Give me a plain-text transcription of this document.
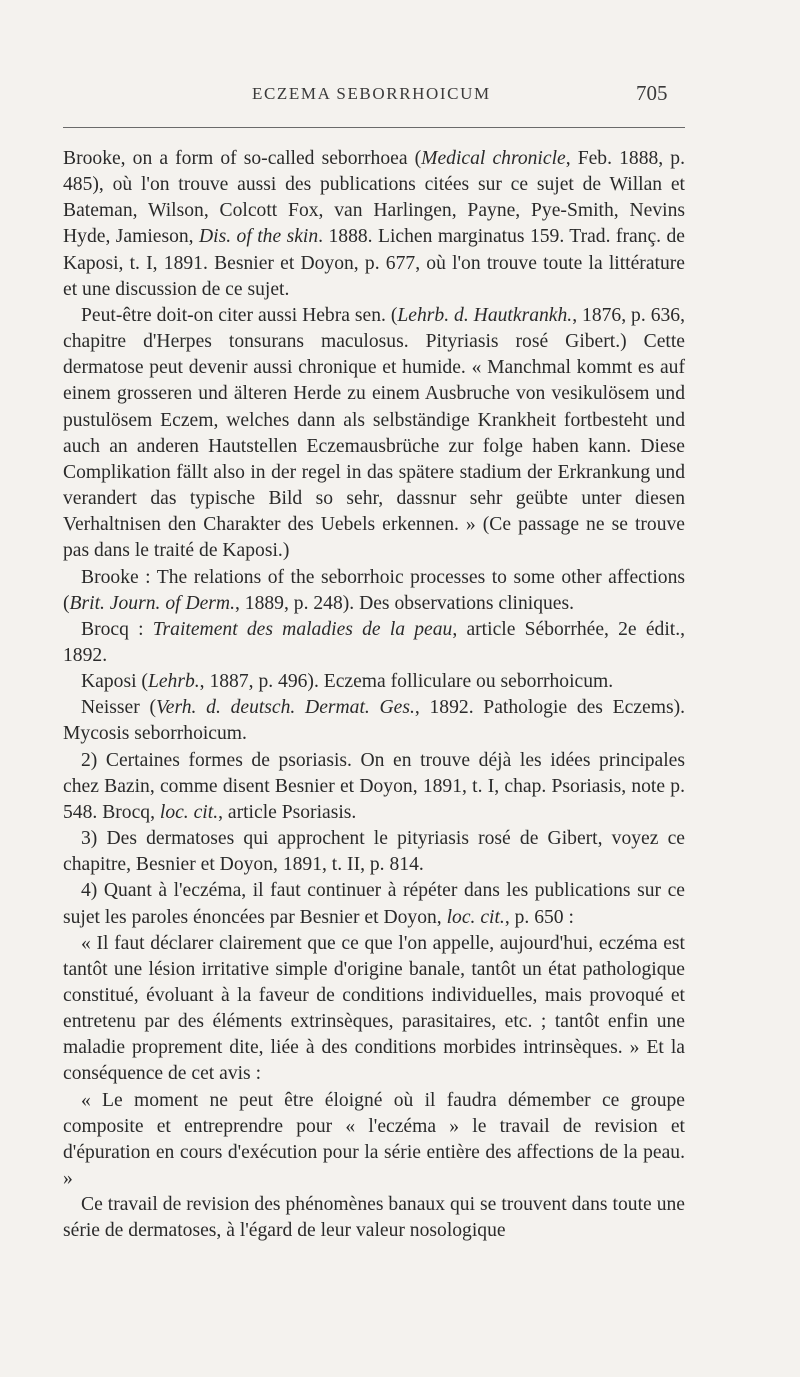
ECZEMA SEBORRHOICUM	705

Brooke, on a form of so-called seborrhoea (Medical chronicle, Feb. 1888, p. 485), où l'on trouve aussi des publications citées sur ce sujet de Willan et Bateman, Wilson, Colcott Fox, van Harlingen, Payne, Pye-Smith, Nevins Hyde, Jamieson, Dis. of the skin. 1888. Lichen marginatus 159. Trad. franç. de Kaposi, t. I, 1891. Besnier et Doyon, p. 677, où l'on trouve toute la littérature et une discussion de ce sujet.

Peut-être doit-on citer aussi Hebra sen. (Lehrb. d. Hautkrankh., 1876, p. 636, chapitre d'Herpes tonsurans maculosus. Pityriasis rosé Gibert.) Cette dermatose peut devenir aussi chronique et humide. « Manchmal kommt es auf einem grosseren und älteren Herde zu einem Ausbruche von vesikulösem und pustulösem Eczem, welches dann als selbständige Krankheit fortbesteht und auch an anderen Hautstellen Eczemausbrüche zur folge haben kann. Diese Complikation fällt also in der regel in das spätere stadium der Erkrankung und verandert das typische Bild so sehr, dassnur sehr geübte unter diesen Verhaltnisen den Charakter des Uebels erkennen. » (Ce passage ne se trouve pas dans le traité de Kaposi.)

Brooke : The relations of the seborrhoic processes to some other affections (Brit. Journ. of Derm., 1889, p. 248). Des observations cliniques.

Brocq : Traitement des maladies de la peau, article Séborrhée, 2e édit., 1892.

Kaposi (Lehrb., 1887, p. 496). Eczema folliculare ou seborrhoicum.

Neisser (Verh. d. deutsch. Dermat. Ges., 1892. Pathologie des Eczems). Mycosis seborrhoicum.

2) Certaines formes de psoriasis. On en trouve déjà les idées principales chez Bazin, comme disent Besnier et Doyon, 1891, t. I, chap. Psoriasis, note p. 548. Brocq, loc. cit., article Psoriasis.

3) Des dermatoses qui approchent le pityriasis rosé de Gibert, voyez ce chapitre, Besnier et Doyon, 1891, t. II, p. 814.

4) Quant à l'eczéma, il faut continuer à répéter dans les publications sur ce sujet les paroles énoncées par Besnier et Doyon, loc. cit., p. 650 :

« Il faut déclarer clairement que ce que l'on appelle, aujourd'hui, eczéma est tantôt une lésion irritative simple d'origine banale, tantôt un état pathologique constitué, évoluant à la faveur de conditions individuelles, mais provoqué et entretenu par des éléments extrinsèques, parasitaires, etc. ; tantôt enfin une maladie proprement dite, liée à des conditions morbides intrinsèques. » Et la conséquence de cet avis :

« Le moment ne peut être éloigné où il faudra démember ce groupe composite et entreprendre pour « l'eczéma » le travail de revision et d'épuration en cours d'exécution pour la série entière des affections de la peau. »

Ce travail de revision des phénomènes banaux qui se trouvent dans toute une série de dermatoses, à l'égard de leur valeur nosologique
